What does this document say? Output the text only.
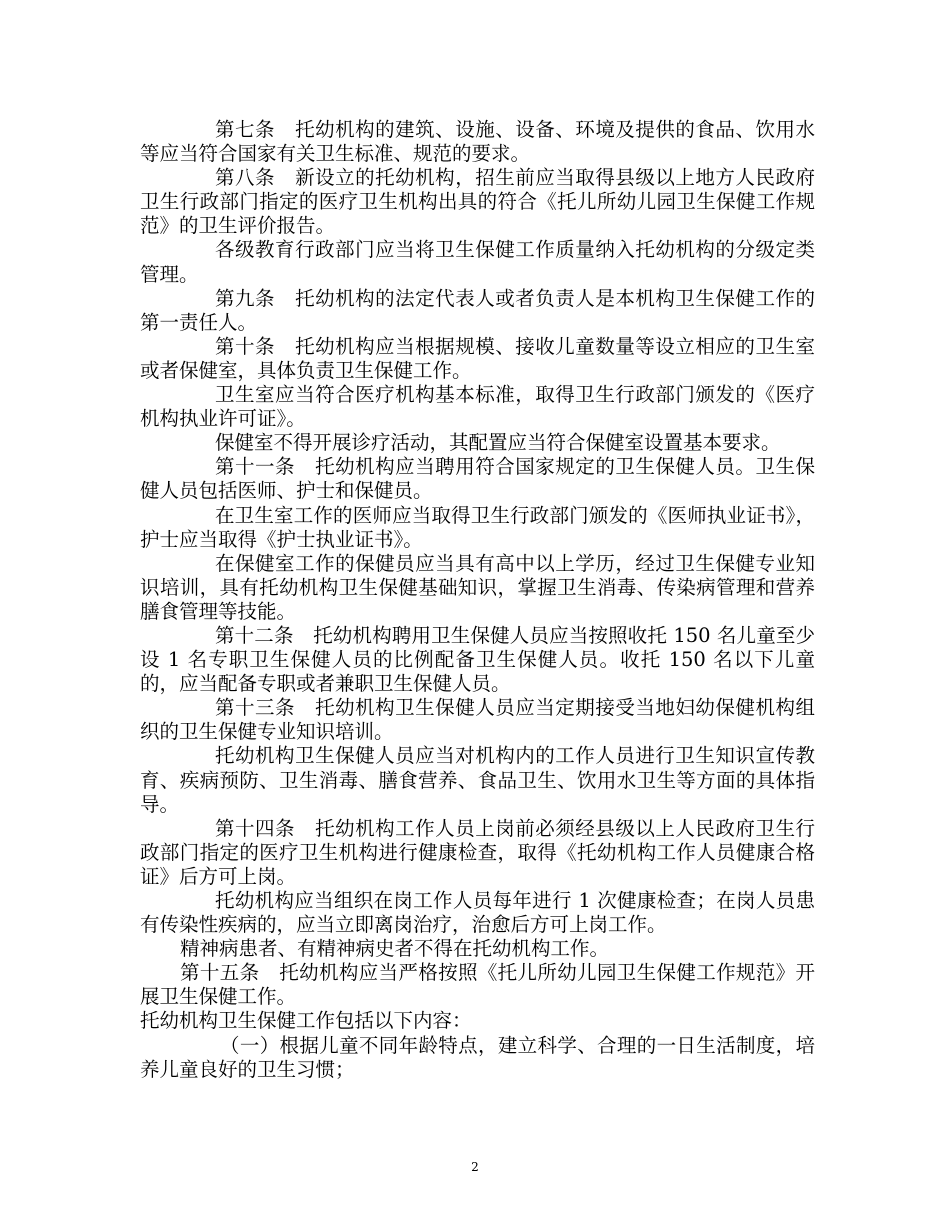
第七条　托幼机构的建筑、设施、设备、环境及提供的食品、饮用水等应当符合国家有关卫生标准、规范的要求。

第八条　新设立的托幼机构，招生前应当取得县级以上地方人民政府卫生行政部门指定的医疗卫生机构出具的符合《托儿所幼儿园卫生保健工作规范》的卫生评价报告。

各级教育行政部门应当将卫生保健工作质量纳入托幼机构的分级定类管理。

第九条　托幼机构的法定代表人或者负责人是本机构卫生保健工作的第一责任人。

第十条　托幼机构应当根据规模、接收儿童数量等设立相应的卫生室或者保健室，具体负责卫生保健工作。

卫生室应当符合医疗机构基本标准，取得卫生行政部门颁发的《医疗机构执业许可证》。

保健室不得开展诊疗活动，其配置应当符合保健室设置基本要求。

第十一条　托幼机构应当聘用符合国家规定的卫生保健人员。卫生保健人员包括医师、护士和保健员。

在卫生室工作的医师应当取得卫生行政部门颁发的《医师执业证书》，护士应当取得《护士执业证书》。

在保健室工作的保健员应当具有高中以上学历，经过卫生保健专业知识培训，具有托幼机构卫生保健基础知识，掌握卫生消毒、传染病管理和营养膳食管理等技能。

第十二条　托幼机构聘用卫生保健人员应当按照收托 150 名儿童至少设 1 名专职卫生保健人员的比例配备卫生保健人员。收托 150 名以下儿童的，应当配备专职或者兼职卫生保健人员。

第十三条　托幼机构卫生保健人员应当定期接受当地妇幼保健机构组织的卫生保健专业知识培训。

托幼机构卫生保健人员应当对机构内的工作人员进行卫生知识宣传教育、疾病预防、卫生消毒、膳食营养、食品卫生、饮用水卫生等方面的具体指导。

第十四条　托幼机构工作人员上岗前必须经县级以上人民政府卫生行政部门指定的医疗卫生机构进行健康检查，取得《托幼机构工作人员健康合格证》后方可上岗。

托幼机构应当组织在岗工作人员每年进行 1 次健康检查；在岗人员患有传染性疾病的，应当立即离岗治疗，治愈后方可上岗工作。

精神病患者、有精神病史者不得在托幼机构工作。

第十五条　托幼机构应当严格按照《托儿所幼儿园卫生保健工作规范》开展卫生保健工作。

托幼机构卫生保健工作包括以下内容：

（一）根据儿童不同年龄特点，建立科学、合理的一日生活制度，培养儿童良好的卫生习惯；

2
